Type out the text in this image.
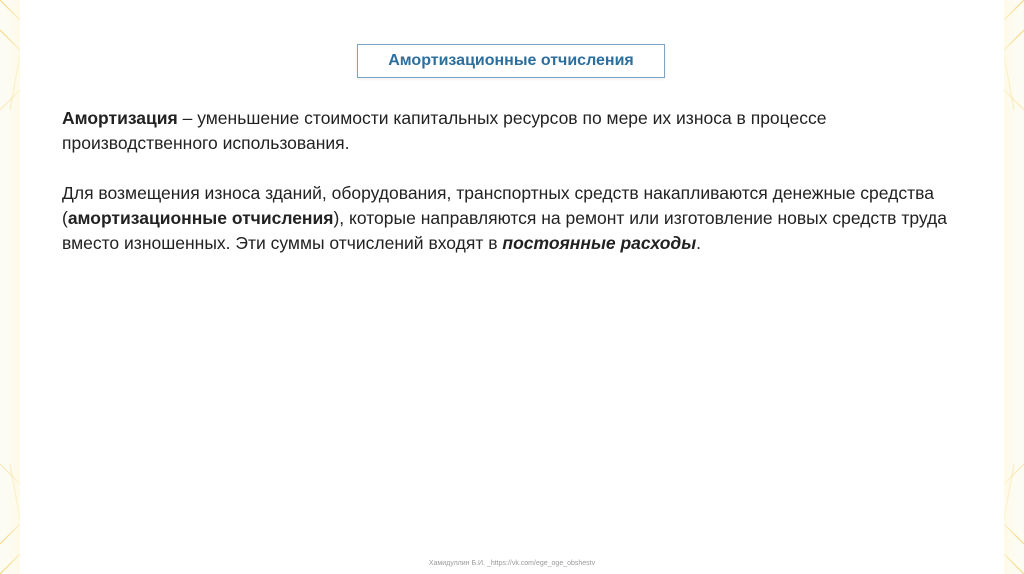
Амортизационные отчисления

Амортизация – уменьшение стоимости капитальных ресурсов по мере их износа в процессе производственного использования.

Для возмещения износа зданий, оборудования, транспортных средств накапливаются денежные средства (амортизационные отчисления), которые направляются на ремонт или изготовление новых средств труда вместо изношенных. Эти суммы отчислений входят в постоянные расходы.

Хамидуллин Б.И. _https://vk.com/ege_oge_obshestv
